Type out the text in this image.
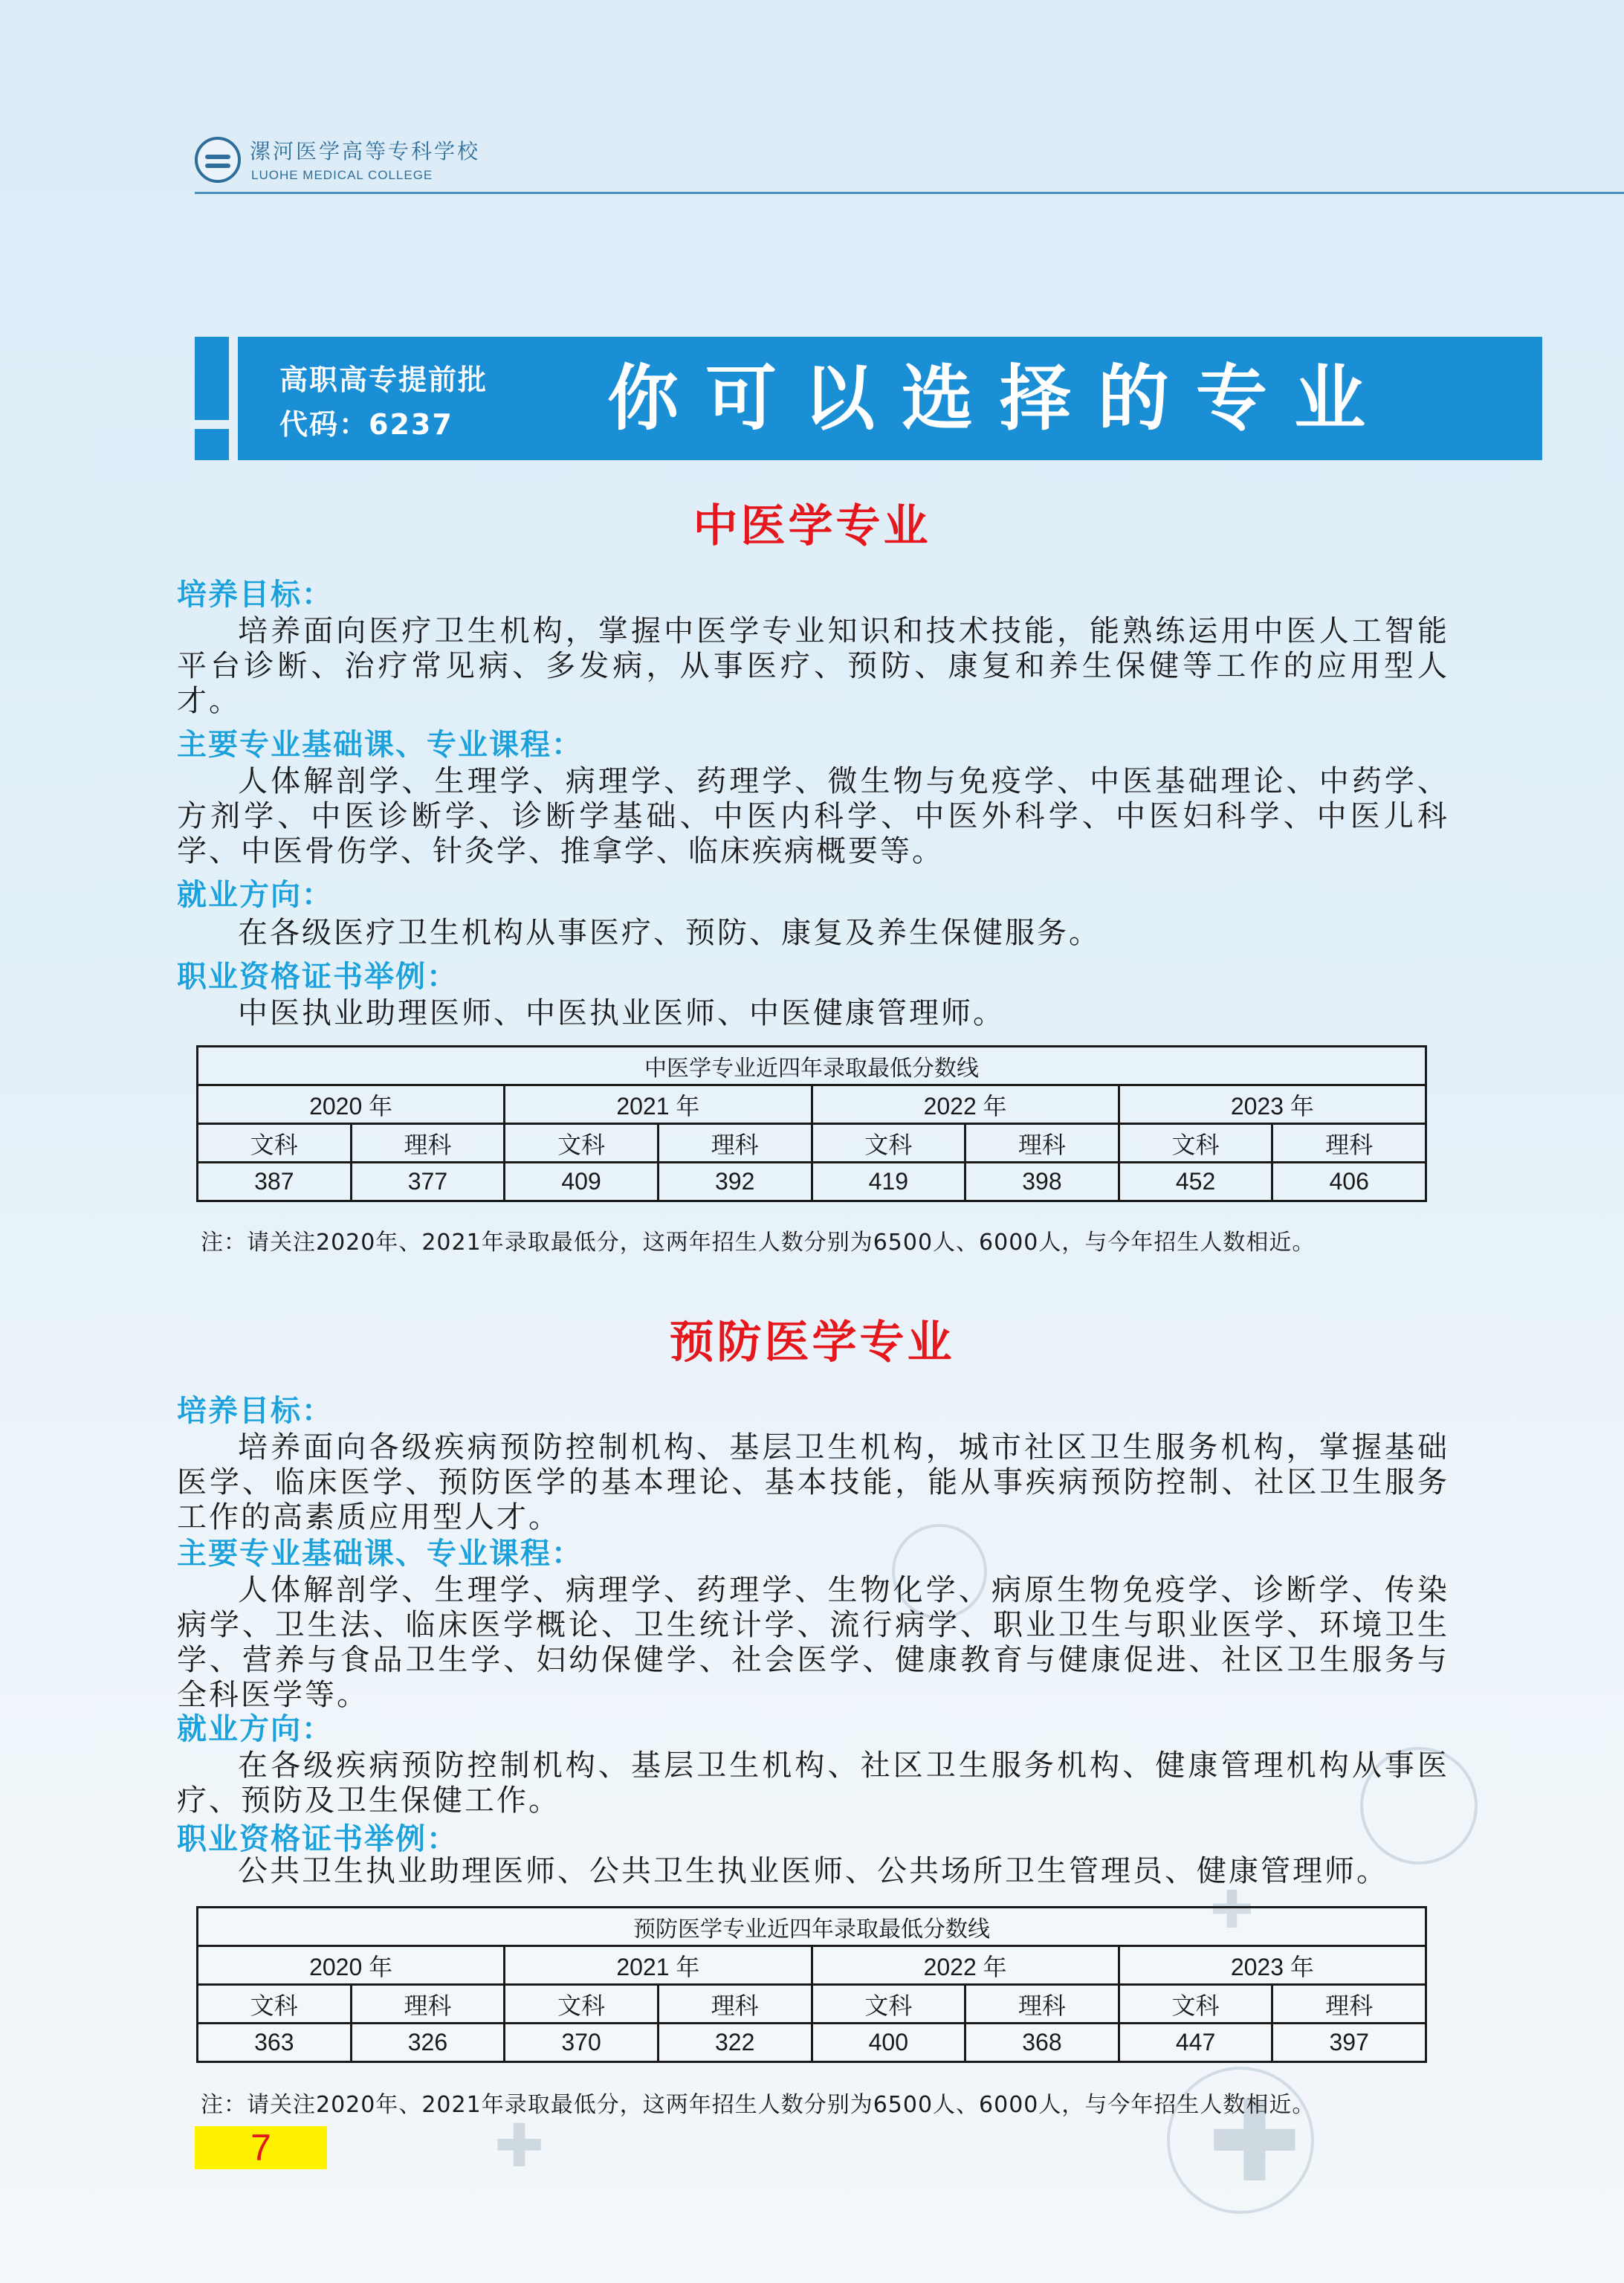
✚
✚
✚
漯河医学高等专科学校
LUOHE MEDICAL COLLEGE
高职高专提前批
代码：6237 你可以选择的专业
中医学专业
培养目标：
培养面向医疗卫生机构，掌握中医学专业知识和技术技能，能熟练运用中医人工智能平台诊断、治疗常见病、多发病，从事医疗、预防、康复和养生保健等工作的应用型人才。
主要专业基础课、专业课程：
人体解剖学、生理学、病理学、药理学、微生物与免疫学、中医基础理论、中药学、方剂学、中医诊断学、诊断学基础、中医内科学、中医外科学、中医妇科学、中医儿科学、中医骨伤学、针灸学、推拿学、临床疾病概要等。
就业方向：
在各级医疗卫生机构从事医疗、预防、康复及养生保健服务。
职业资格证书举例：
中医执业助理医师、中医执业医师、中医健康管理师。
中医学专业近四年录取最低分数线							
2020 年		2021 年		2022 年		2023 年	
文科	理科	文科	理科	文科	理科	文科	理科
387	377	409	392	419	398	452	406
注：请关注2020年、2021年录取最低分，这两年招生人数分别为6500人、6000人，与今年招生人数相近。
预防医学专业
培养目标：
培养面向各级疾病预防控制机构、基层卫生机构，城市社区卫生服务机构，掌握基础医学、临床医学、预防医学的基本理论、基本技能，能从事疾病预防控制、社区卫生服务工作的高素质应用型人才。
主要专业基础课、专业课程：
人体解剖学、生理学、病理学、药理学、生物化学、病原生物免疫学、诊断学、传染病学、卫生法、临床医学概论、卫生统计学、流行病学、职业卫生与职业医学、环境卫生学、营养与食品卫生学、妇幼保健学、社会医学、健康教育与健康促进、社区卫生服务与全科医学等。
就业方向：
在各级疾病预防控制机构、基层卫生机构、社区卫生服务机构、健康管理机构从事医疗、预防及卫生保健工作。
职业资格证书举例：
公共卫生执业助理医师、公共卫生执业医师、公共场所卫生管理员、健康管理师。
预防医学专业近四年录取最低分数线							
2020 年		2021 年		2022 年		2023 年	
文科	理科	文科	理科	文科	理科	文科	理科
363	326	370	322	400	368	447	397
注：请关注2020年、2021年录取最低分，这两年招生人数分别为6500人、6000人，与今年招生人数相近。
7
